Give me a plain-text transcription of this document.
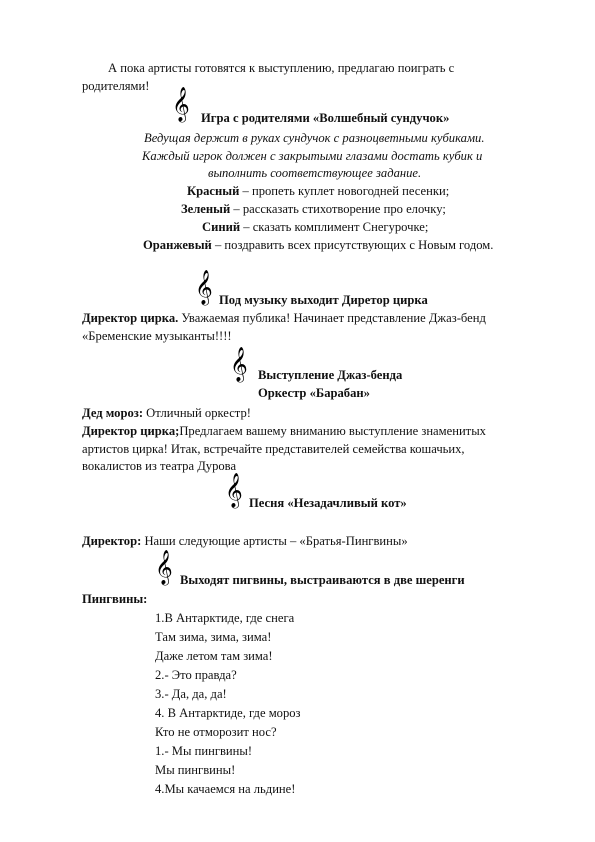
А пока артисты готовятся к выступлению, предлагаю поиграть с
родителями!
𝄞 Игра с родителями «Волшебный сундучок»
Ведущая держит в руках сундучок с разноцветными кубиками.
Каждый игрок должен с закрытыми глазами достать кубик и
выполнить соответствующее задание.
Красный – пропеть куплет новогодней песенки;
Зеленый – рассказать стихотворение про елочку;
Синий – сказать комплимент Снегурочке;
Оранжевый – поздравить всех присутствующих с Новым годом.
𝄞 Под музыку выходит Диретор цирка
Директор цирка. Уважаемая публика! Начинает представление Джаз-бенд
«Бременские музыканты!!!!
𝄞 Выступление Джаз-бенда
Оркестр «Барабан»
Дед мороз: Отличный оркестр!
Директор цирка;Предлагаем вашему вниманию выступление знаменитых
артистов цирка! Итак, встречайте представителей семейства кошачьих,
вокалистов из театра Дурова
𝄞 Песня «Незадачливый кот»
Директор: Наши следующие артисты – «Братья-Пингвины»
𝄞 Выходят пигвины, выстраиваются в две шеренги
Пингвины:
1.В Антарктиде, где снега
Там зима, зима, зима!
Даже летом там зима!
2.- Это правда?
3.- Да, да, да!
4. В Антарктиде, где мороз
Кто не отморозит нос?
1.- Мы пингвины!
Мы пингвины!
4.Мы качаемся на льдине!
